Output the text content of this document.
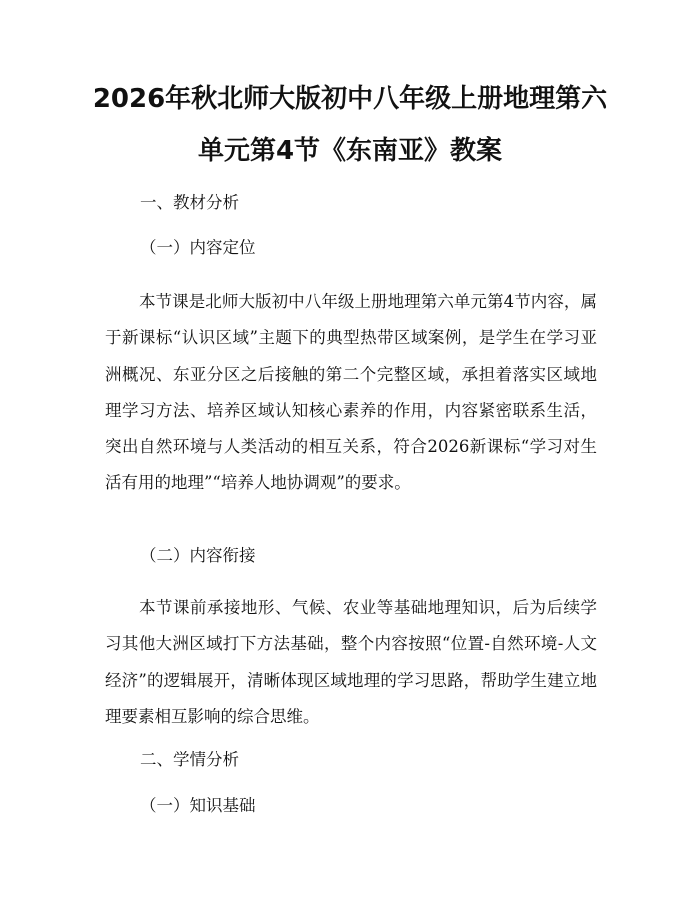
2026年秋北师大版初中八年级上册地理第六
单元第4节《东南亚》教案

一、教材分析

（一）内容定位

本节课是北师大版初中八年级上册地理第六单元第4节内容，属于新课标“认识区域”主题下的典型热带区域案例，是学生在学习亚洲概况、东亚分区之后接触的第二个完整区域，承担着落实区域地理学习方法、培养区域认知核心素养的作用，内容紧密联系生活，突出自然环境与人类活动的相互关系，符合2026新课标“学习对生活有用的地理”“培养人地协调观”的要求。

（二）内容衔接

本节课前承接地形、气候、农业等基础地理知识，后为后续学习其他大洲区域打下方法基础，整个内容按照“位置-自然环境-人文经济”的逻辑展开，清晰体现区域地理的学习思路，帮助学生建立地理要素相互影响的综合思维。

二、学情分析

（一）知识基础
